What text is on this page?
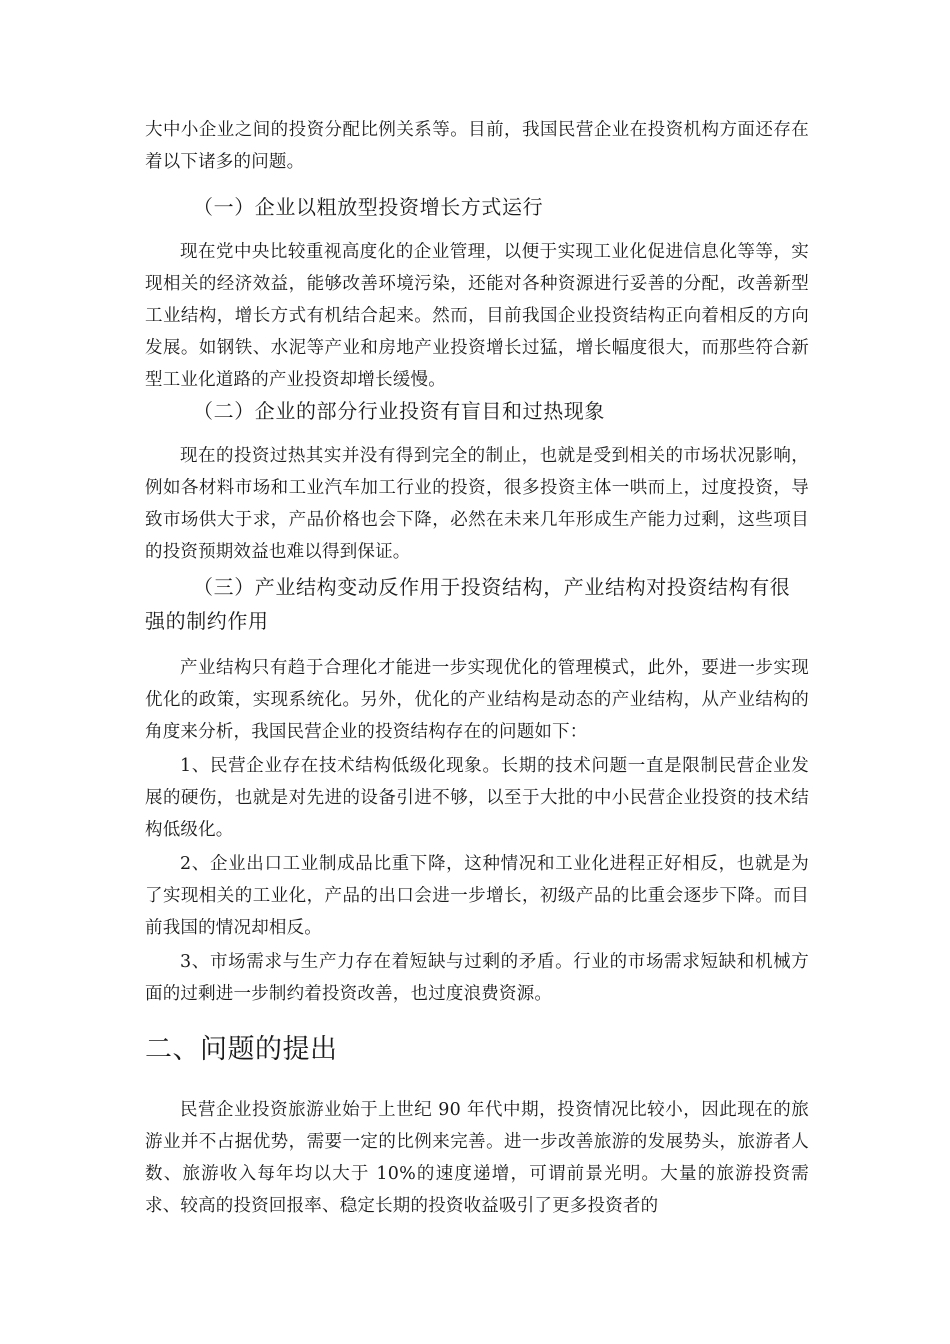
大中小企业之间的投资分配比例关系等。目前，我国民营企业在投资机构方面还存在着以下诸多的问题。

（一）企业以粗放型投资增长方式运行

现在党中央比较重视高度化的企业管理，以便于实现工业化促进信息化等等，实现相关的经济效益，能够改善环境污染，还能对各种资源进行妥善的分配，改善新型工业结构，增长方式有机结合起来。然而，目前我国企业投资结构正向着相反的方向发展。如钢铁、水泥等产业和房地产业投资增长过猛，增长幅度很大，而那些符合新型工业化道路的产业投资却增长缓慢。

（二）企业的部分行业投资有盲目和过热现象

现在的投资过热其实并没有得到完全的制止，也就是受到相关的市场状况影响，例如各材料市场和工业汽车加工行业的投资，很多投资主体一哄而上，过度投资，导致市场供大于求，产品价格也会下降，必然在未来几年形成生产能力过剩，这些项目的投资预期效益也难以得到保证。

（三）产业结构变动反作用于投资结构，产业结构对投资结构有很强的制约作用

产业结构只有趋于合理化才能进一步实现优化的管理模式，此外，要进一步实现优化的政策，实现系统化。另外，优化的产业结构是动态的产业结构，从产业结构的角度来分析，我国民营企业的投资结构存在的问题如下：

1、民营企业存在技术结构低级化现象。长期的技术问题一直是限制民营企业发展的硬伤，也就是对先进的设备引进不够，以至于大批的中小民营企业投资的技术结构低级化。

2、企业出口工业制成品比重下降，这种情况和工业化进程正好相反，也就是为了实现相关的工业化，产品的出口会进一步增长，初级产品的比重会逐步下降。而目前我国的情况却相反。

3、市场需求与生产力存在着短缺与过剩的矛盾。行业的市场需求短缺和机械方面的过剩进一步制约着投资改善，也过度浪费资源。

二、问题的提出

民营企业投资旅游业始于上世纪 90 年代中期，投资情况比较小，因此现在的旅游业并不占据优势，需要一定的比例来完善。进一步改善旅游的发展势头，旅游者人数、旅游收入每年均以大于 10%的速度递增，可谓前景光明。大量的旅游投资需求、较高的投资回报率、稳定长期的投资收益吸引了更多投资者的
